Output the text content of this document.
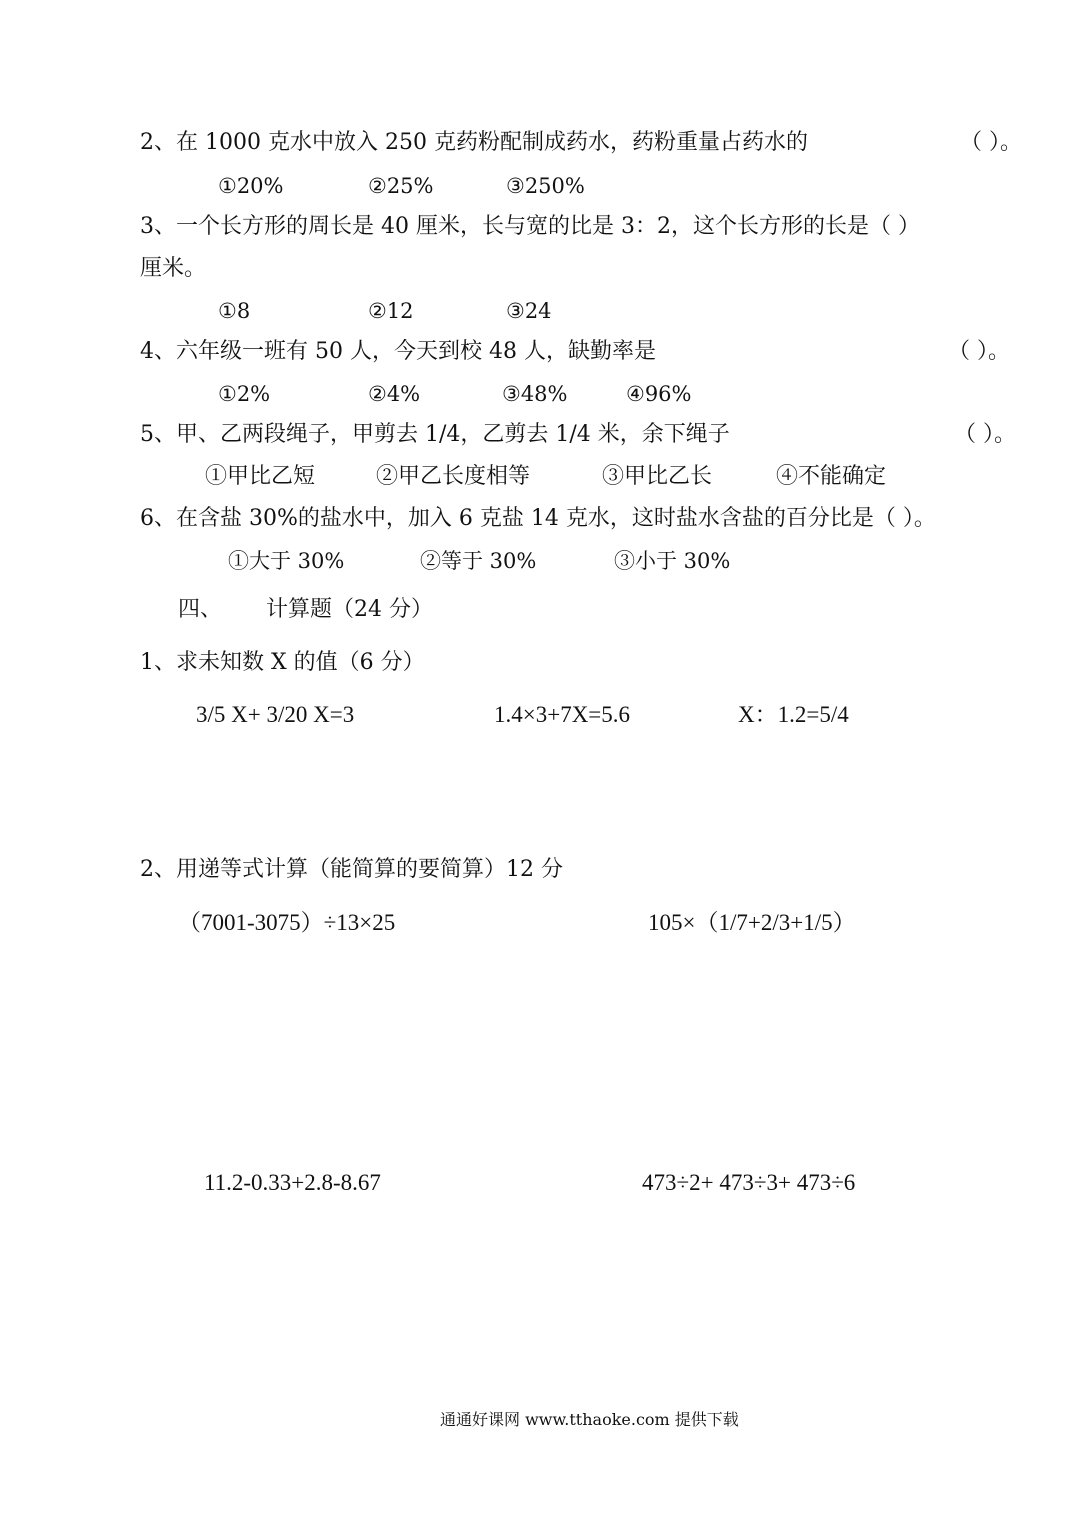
2、在 1000 克水中放入 250 克药粉配制成药水，药粉重量占药水的	（ ）。
①20%	②25%	③250%
3、一个长方形的周长是 40 厘米，长与宽的比是 3：2，这个长方形的长是（ ）
厘米。
①8	②12	③24
4、六年级一班有 50 人，今天到校 48 人，缺勤率是	（ ）。
①2%	②4%	③48%	④96%
5、甲、乙两段绳子，甲剪去 1/4，乙剪去 1/4 米，余下绳子	（ ）。
①甲比乙短	②甲乙长度相等	③甲比乙长	④不能确定
6、在含盐 30%的盐水中，加入 6 克盐 14 克水，这时盐水含盐的百分比是（ ）。
①大于 30%	②等于 30%	③小于 30%
四、 计算题（24 分）
1、求未知数 X 的值（6 分）
3/5 X+ 3/20 X=3	1.4×3+7X=5.6	X：1.2=5/4
2、用递等式计算（能简算的要简算）12 分
（7001-3075）÷13×25	105×（1/7+2/3+1/5）
11.2-0.33+2.8-8.67	473÷2+ 473÷3+ 473÷6
通通好课网 www.tthaoke.com 提供下载
